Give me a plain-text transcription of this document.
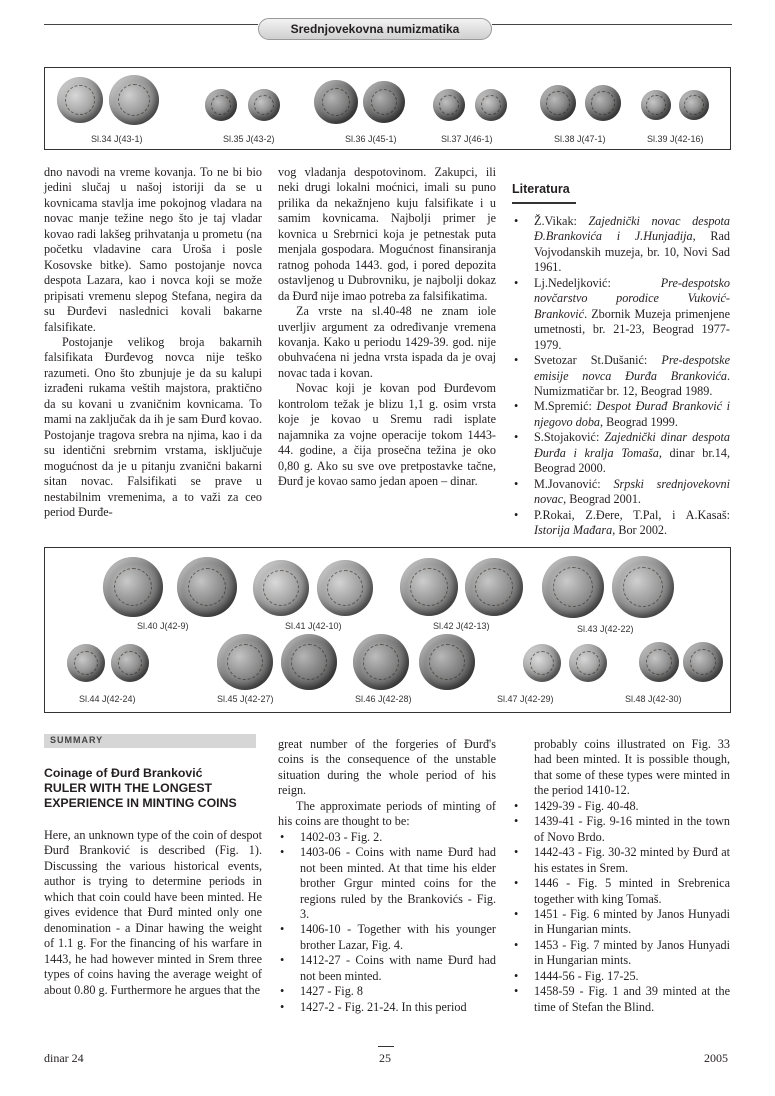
Srednjovekovna numizmatika
Sl.34 J(43-1)	Sl.35 J(43-2)	Sl.36 J(45-1)	Sl.37 J(46-1)	Sl.38 J(47-1)	Sl.39 J(42-16)

dno navodi na vreme kovanja. To ne bi bio jedini slučaj u našoj istoriji da se u kovnicama stavlja ime pokojnog vladara na novac manje težine nego što je taj vladar kovao radi lakšeg prihvatanja u prometu (na početku vladavine cara Uroša i posle Kosovske bitke). Samo postojanje novca despota Lazara, kao i novca koji se može pripisati vremenu slepog Stefana, negira da su Đurđevi naslednici kovali bakarne falsifikate.

Postojanje velikog broja bakarnih falsifikata Đurđevog novca nije teško razumeti. Ono što zbunjuje je da su kalupi izrađeni rukama veštih majstora, praktično da su kovani u zvaničnim kovnicama. To mami na zaključak da ih je sam Đurđ kovao. Postojanje tragova srebra na njima, kao i da su identični srebrnim vrstama, isključuje mogućnost da je u pitanju zvanični bakarni sitan novac. Falsifikati se prave u nestabilnim vremenima, a to važi za ceo period Đurđe-

vog vladanja despotovinom. Zakupci, ili neki drugi lokalni moćnici, imali su puno prilika da nekažnjeno kuju falsifikate i u samim kovnicama. Najbolji primer je kovnica u Srebrnici koja je petnestak puta menjala gospodara. Mogućnost finansiranja ratnog pohoda 1443. god, i pored depozita ostavljenog u Dubrovniku, je najbolji dokaz da Đurđ nije imao potreba za falsifikatima.

Za vrste na sl.40-48 ne znam iole uverljiv argument za određivanje vremena kovanja. Kako u periodu 1429-39. god. nije obuhvaćena ni jedna vrsta ispada da je ovaj novac tada i kovan.

Novac koji je kovan pod Đurđevom kontrolom težak je blizu 1,1 g. osim vrsta koje je kovao u Sremu radi isplate najamnika za vojne operacije tokom 1443-44. godine, a čija prosečna težina je oko 0,80 g. Ako su sve ove pretpostavke tačne, Đurđ je kovao samo jedan apoen – dinar.

Literatura
• Ž.Vikak: Zajednički novac despota Đ.Brankovića i J.Hunjadija, Rad Vojvodanskih muzeja, br. 10, Novi Sad 1961.
• Lj.Nedeljković: Pre-despotsko novčarstvo porodice Vuković-Branković. Zbornik Muzeja primenjene umetnosti, br. 21-23, Beograd 1977-1979.
• Svetozar St.Dušanić: Pre-despotske emisije novca Đurđa Brankovića. Numizmatičar br. 12, Beograd 1989.
• M.Spremić: Despot Đurađ Branković i njegovo doba, Beograd 1999.
• S.Stojaković: Zajednički dinar despota Đurđa i kralja Tomaša, dinar br.14, Beograd 2000.
• M.Jovanović: Srpski srednjovekovni novac, Beograd 2001.
• P.Rokai, Z.Đere, T.Pal, i A.Kasaš: Istorija Mađara, Bor 2002.
Sl.40 J(42-9)	Sl.41 J(42-10)	Sl.42 J(42-13)	Sl.43 J(42-22)
Sl.44 J(42-24)	Sl.45 J(42-27)	Sl.46 J(42-28)	Sl.47 J(42-29)	Sl.48 J(42-30)
SUMMARY
Coinage of Đurđ Branković
RULER WITH THE LONGEST EXPERIENCE IN MINTING COINS

Here, an unknown type of the coin of despot Đurđ Branković is described (Fig. 1). Discussing the various historical events, author is trying to determine periods in which that coin could have been minted. He gives evidence that Đurđ minted only one denomination - a Dinar hawing the weight of 1.1 g. For the financing of his warfare in 1443, he had however minted in Srem three types of coins having the average weight of about 0.80 g. Furthermore he argues that the

great number of the forgeries of Đurđ's coins is the consequence of the unstable situation during the whole period of his reign.

The approximate periods of minting of his coins are thought to be:

• 1402-03 - Fig. 2.
• 1403-06 - Coins with name Đurđ had not been minted. At that time his elder brother Grgur minted coins for the regions ruled by the Brankovićs - Fig. 3.
• 1406-10 - Together with his younger brother Lazar, Fig. 4.
• 1412-27 - Coins with name Đurđ had not been minted.
• 1427 - Fig. 8
• 1427-2 - Fig. 21-24. In this period

probably coins illustrated on Fig. 33 had been minted. It is possible though, that some of these types were minted in the period 1410-12.

• 1429-39 - Fig. 40-48.
• 1439-41 - Fig. 9-16 minted in the town of Novo Brdo.
• 1442-43 - Fig. 30-32 minted by Đurđ at his estates in Srem.
• 1446 - Fig. 5 minted in Srebrenica together with king Tomaš.
• 1451 - Fig. 6 minted by Janos Hunyadi in Hungarian mints.
• 1453 - Fig. 7 minted by Janos Hunyadi in Hungarian mints.
• 1444-56 - Fig. 17-25.
• 1458-59 - Fig. 1 and 39 minted at the time of Stefan the Blind.
dinar 24	25	2005
